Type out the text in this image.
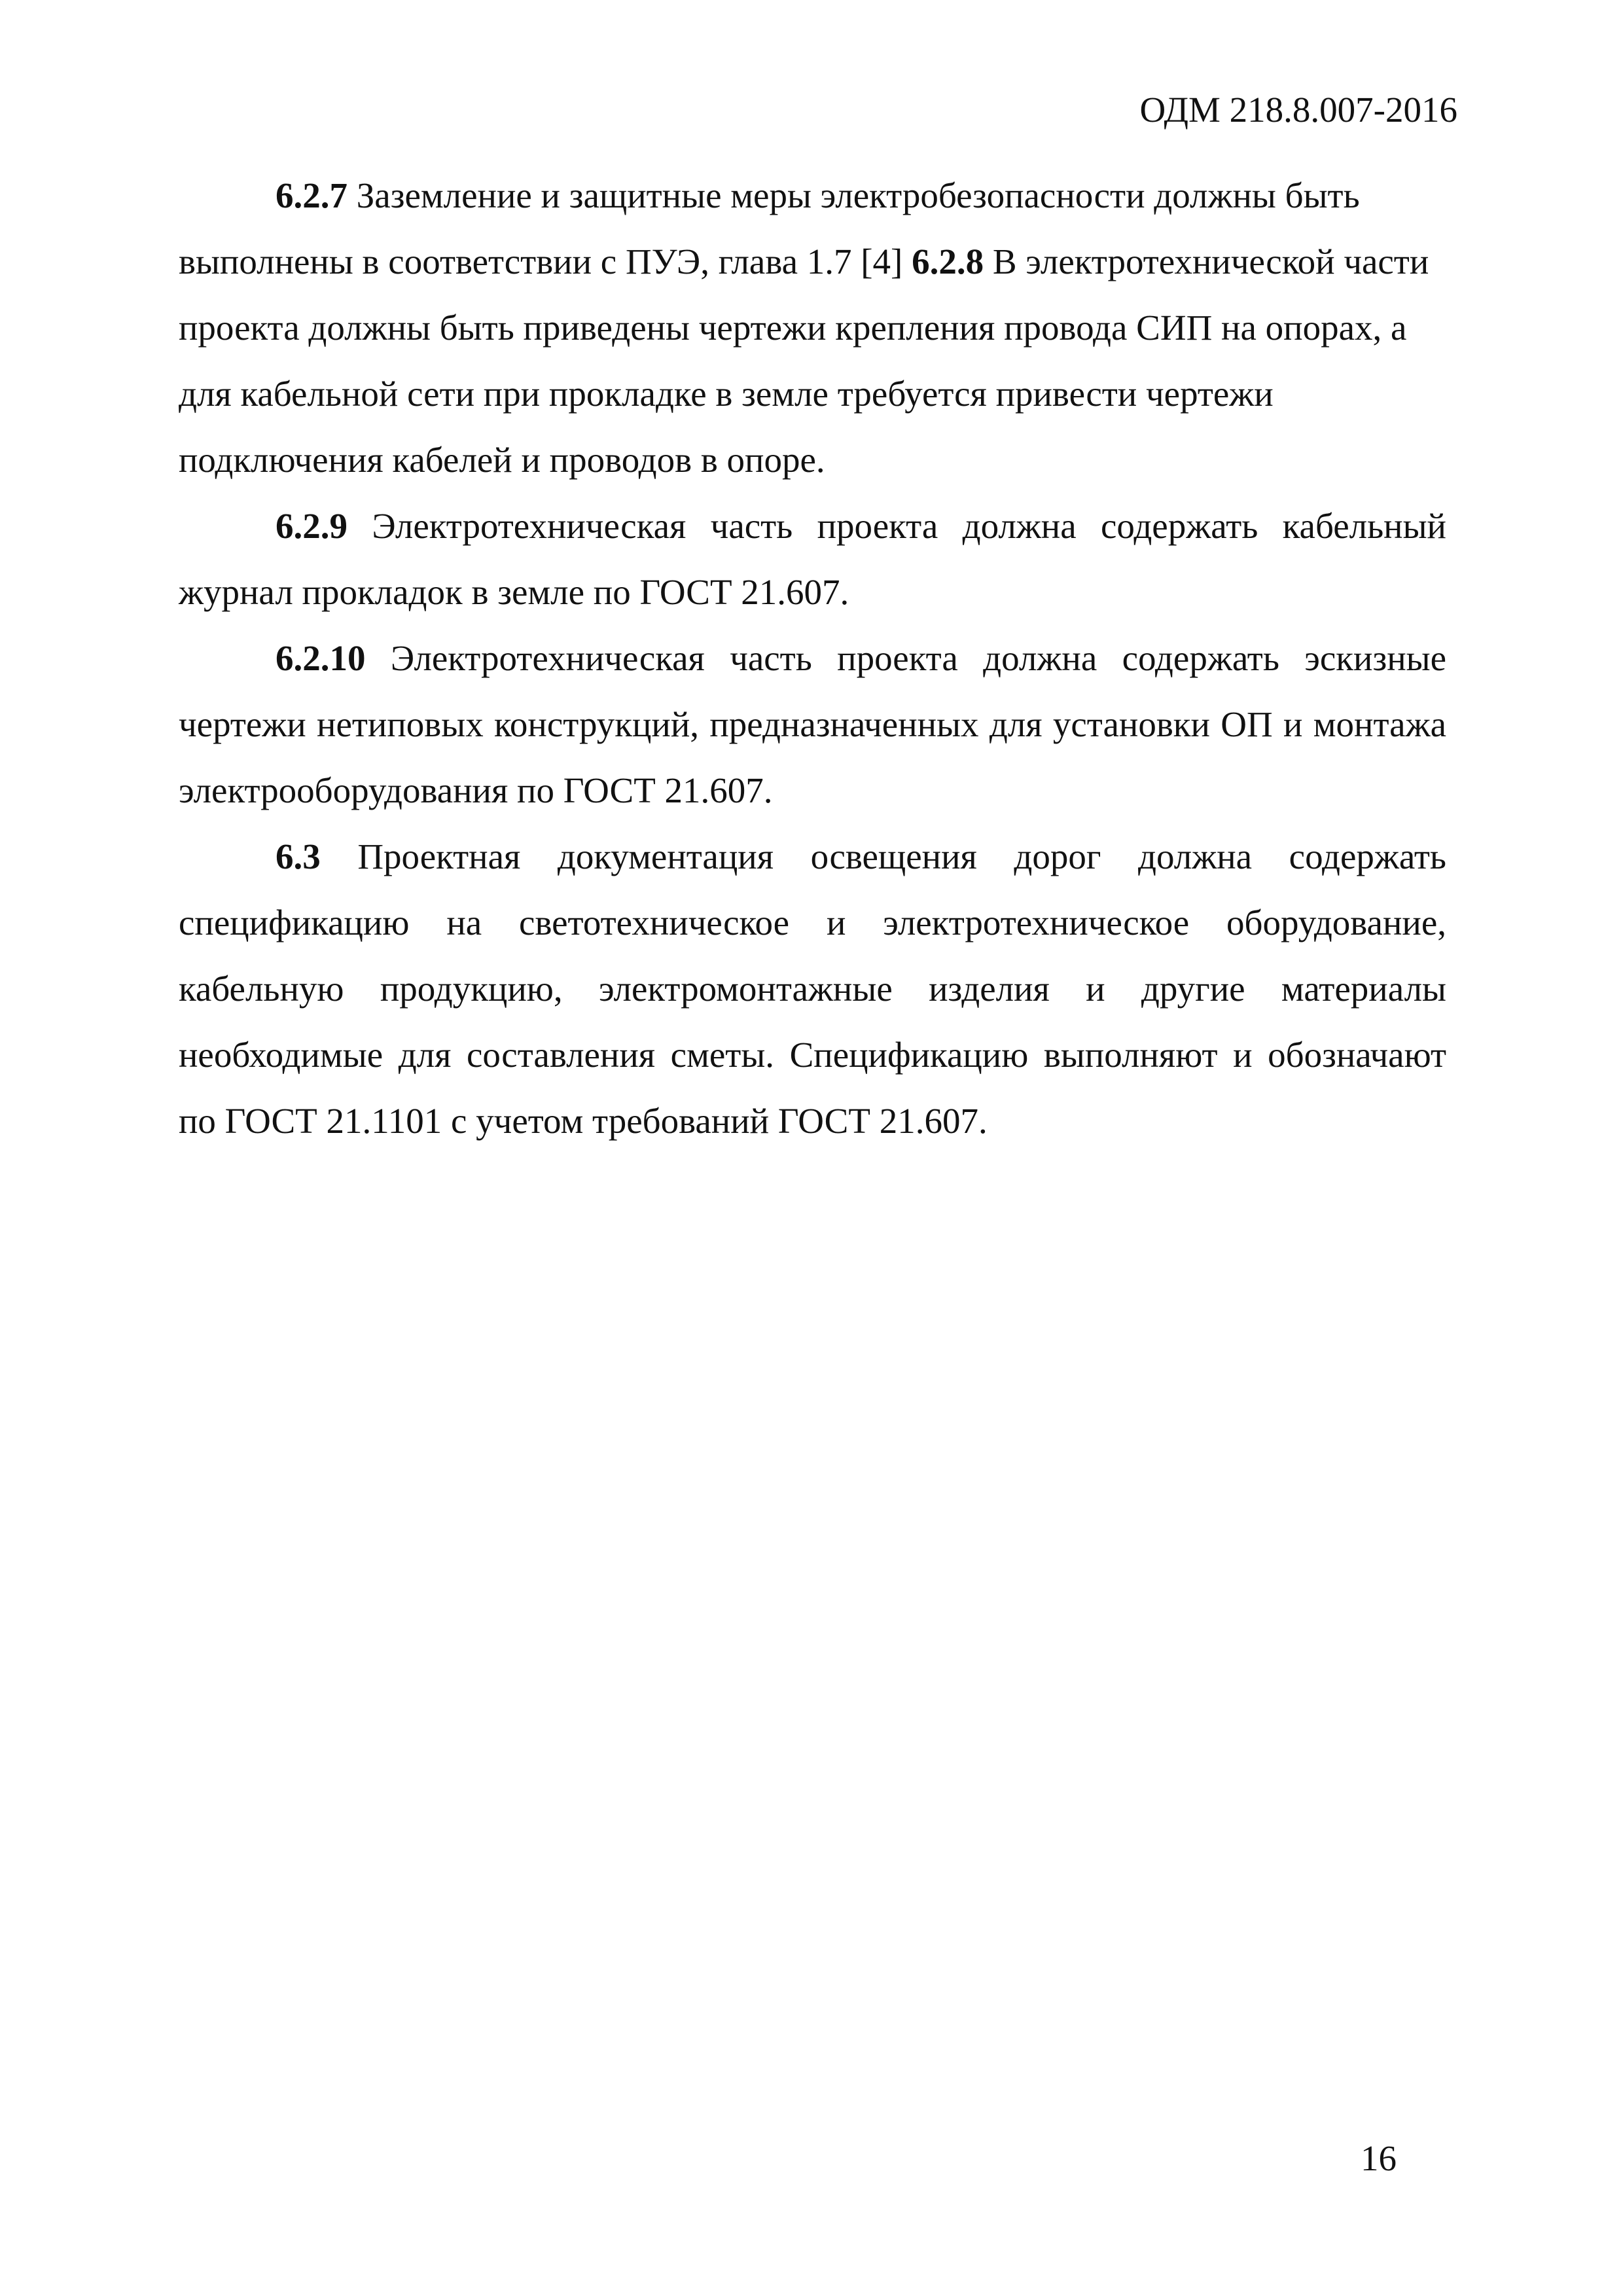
ОДМ 218.8.007-2016

6.2.7 Заземление и защитные меры электробезопасности должны быть выполнены в соответствии с ПУЭ, глава 1.7 [4] 6.2.8 В электротехнической части проекта должны быть приведены чертежи крепления провода СИП на опорах, а для кабельной сети при прокладке в земле требуется привести чертежи подключения кабелей и проводов в опоре.

6.2.9 Электротехническая часть проекта должна содержать кабельный журнал прокладок в земле по ГОСТ 21.607.

6.2.10 Электротехническая часть проекта должна содержать эскизные чертежи нетиповых конструкций, предназначенных для установки ОП и монтажа электрооборудования по ГОСТ 21.607.

6.3 Проектная документация освещения дорог должна содержать спецификацию на светотехническое и электротехническое оборудование, кабельную продукцию, электромонтажные изделия и другие материалы необходимые для составления сметы. Спецификацию выполняют и обозначают по ГОСТ 21.1101 с учетом требований ГОСТ 21.607.

16
